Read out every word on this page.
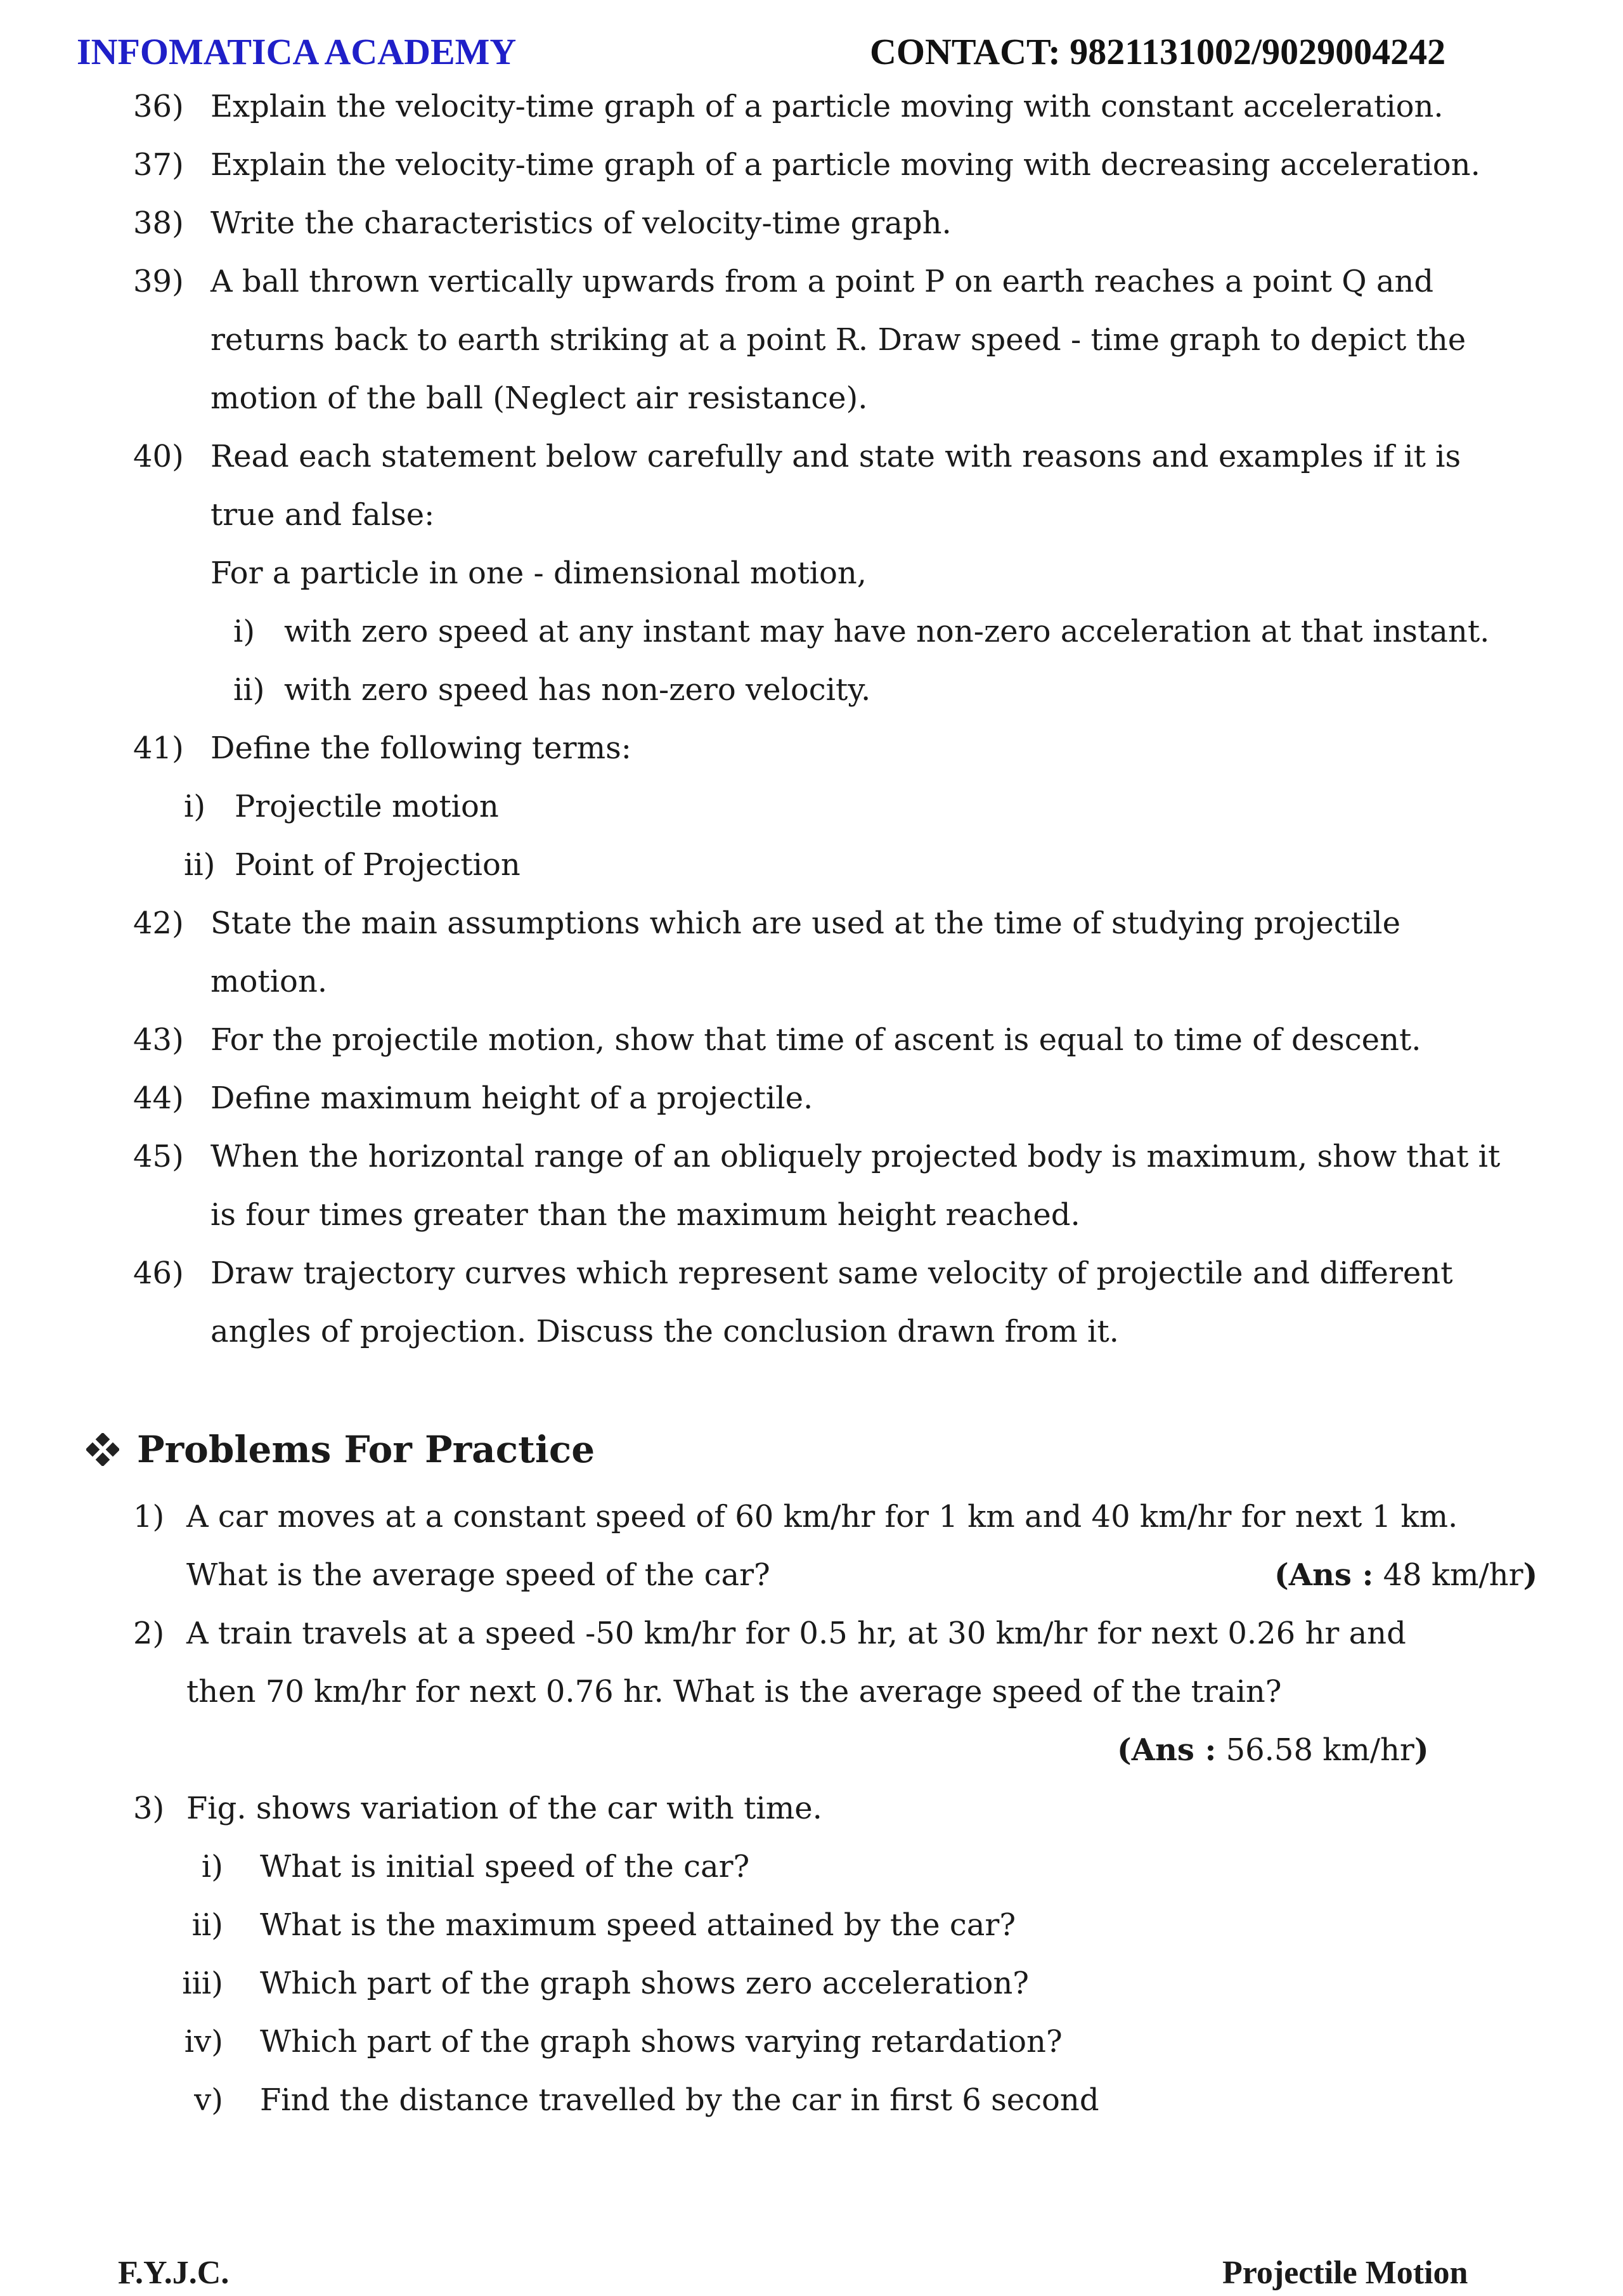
INFOMATICA ACADEMY	CONTACT: 9821131002/9029004242
36) Explain the velocity-time graph of a particle moving with constant acceleration.
37) Explain the velocity-time graph of a particle moving with decreasing acceleration.
38) Write the characteristics of velocity-time graph.
39) A ball thrown vertically upwards from a point P on earth reaches a point Q and
returns back to earth striking at a point R. Draw speed - time graph to depict the
motion of the ball (Neglect air resistance).
40) Read each statement below carefully and state with reasons and examples if it is
true and false:
For a particle in one - dimensional motion,
i) with zero speed at any instant may have non-zero acceleration at that instant.
ii) with zero speed has non-zero velocity.
41) Define the following terms:
i) Projectile motion
ii) Point of Projection
42) State the main assumptions which are used at the time of studying projectile
motion.
43) For the projectile motion, show that time of ascent is equal to time of descent.
44) Define maximum height of a projectile.
45) When the horizontal range of an obliquely projected body is maximum, show that it
is four times greater than the maximum height reached.
46) Draw trajectory curves which represent same velocity of projectile and different
angles of projection. Discuss the conclusion drawn from it.
Problems For Practice
1) A car moves at a constant speed of 60 km/hr for 1 km and 40 km/hr for next 1 km.
What is the average speed of the car?	(Ans : 48 km/hr)
2) A train travels at a speed -50 km/hr for 0.5 hr, at 30 km/hr for next 0.26 hr and
then 70 km/hr for next 0.76 hr. What is the average speed of the train?
(Ans : 56.58 km/hr)
3) Fig. shows variation of the car with time.
i) What is initial speed of the car?
ii) What is the maximum speed attained by the car?
iii) Which part of the graph shows zero acceleration?
iv) Which part of the graph shows varying retardation?
v) Find the distance travelled by the car in first 6 second
F.Y.J.C.	Projectile Motion
